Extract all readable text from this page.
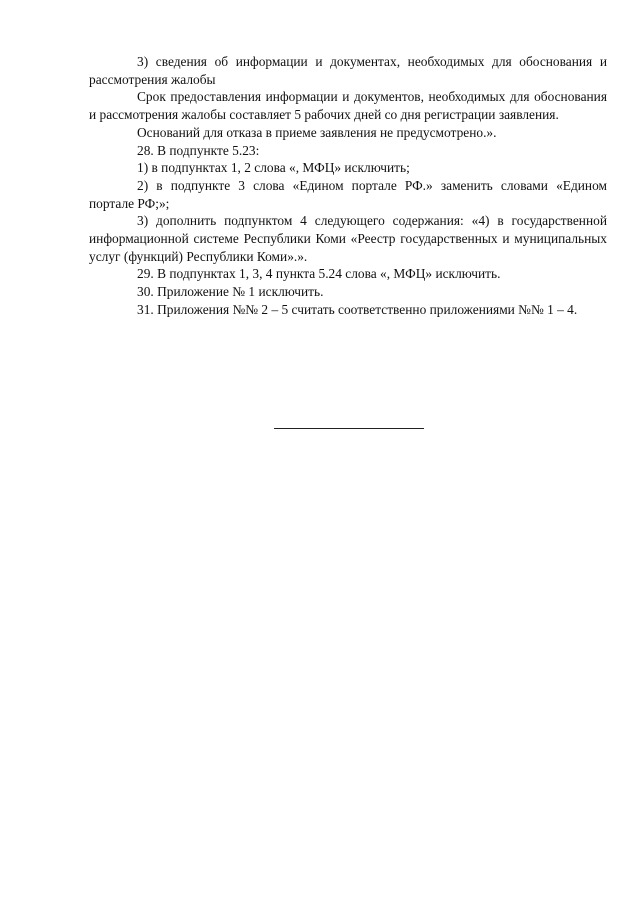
3) сведения об информации и документах, необходимых для обоснования и рассмотрения жалобы

Срок предоставления информации и документов, необходимых для обоснования и рассмотрения жалобы составляет 5 рабочих дней со дня регистрации заявления.

Оснований для отказа в приеме заявления не предусмотрено.».

28. В подпункте 5.23:

1) в подпунктах 1, 2 слова «, МФЦ» исключить;

2) в подпункте 3 слова «Едином портале РФ.» заменить словами «Едином портале РФ;»;

3) дополнить подпунктом 4 следующего содержания: «4) в государственной информационной системе Республики Коми «Реестр государственных и муниципальных услуг (функций) Республики Коми».».

29. В подпунктах 1, 3, 4 пункта 5.24 слова «, МФЦ» исключить.

30. Приложение № 1 исключить.

31. Приложения №№ 2 – 5 считать соответственно приложениями №№ 1 – 4.
